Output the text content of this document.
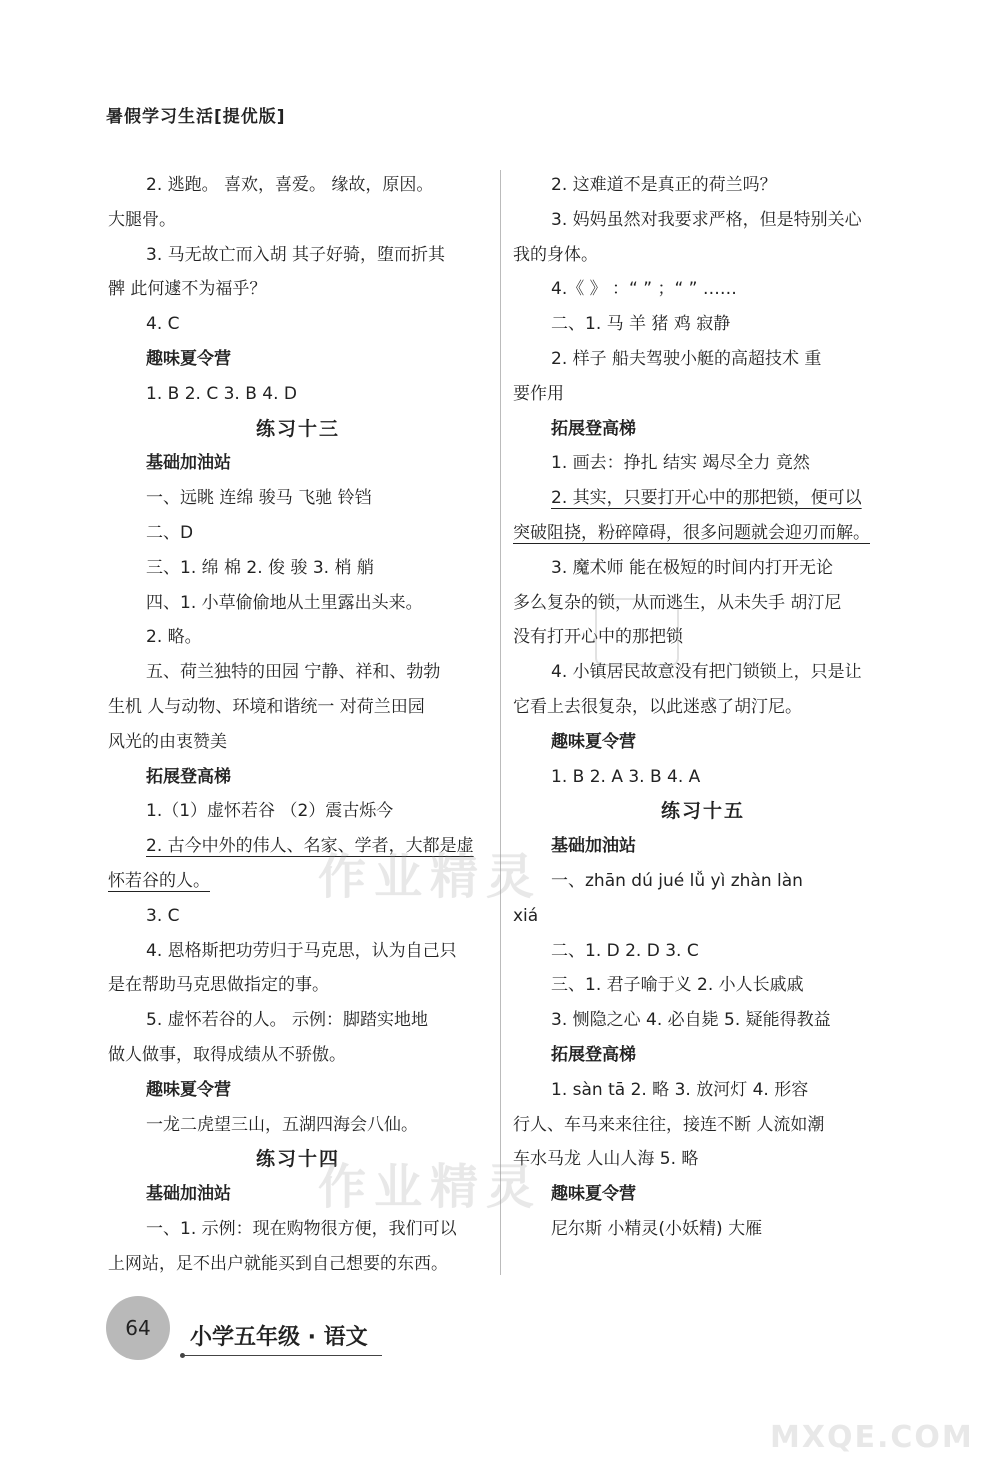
暑假学习生活[提优版]
2. 逃跑。 喜欢，喜爱。 缘故，原因。
大腿骨。
3. 马无故亡而入胡 其子好骑，堕而折其
髀 此何遽不为福乎？
4. C
趣味夏令营
1. B 2. C 3. B 4. D
练习十三
基础加油站
一、远眺 连绵 骏马 飞驰 铃铛
二、D
三、1. 绵 棉 2. 俊 骏 3. 梢 艄
四、1. 小草偷偷地从土里露出头来。
2. 略。
五、荷兰独特的田园 宁静、祥和、勃勃
生机 人与动物、环境和谐统一 对荷兰田园
风光的由衷赞美
拓展登高梯
1.（1）虚怀若谷 （2）震古烁今
2. 古今中外的伟人、名家、学者，大都是虚
怀若谷的人。
3. C
4. 恩格斯把功劳归于马克思，认为自己只
是在帮助马克思做指定的事。
5. 虚怀若谷的人。 示例：脚踏实地地
做人做事，取得成绩从不骄傲。
趣味夏令营
一龙二虎望三山，五湖四海会八仙。
练习十四
基础加油站
一、1. 示例：现在购物很方便，我们可以
上网站，足不出户就能买到自己想要的东西。
2. 这难道不是真正的荷兰吗？
3. 妈妈虽然对我要求严格，但是特别关心
我的身体。
4.《 》 ：“ ” ；“ ” ……
二、1. 马 羊 猪 鸡 寂静
2. 样子 船夫驾驶小艇的高超技术 重
要作用
拓展登高梯
1. 画去：挣扎 结实 竭尽全力 竟然
2. 其实，只要打开心中的那把锁，便可以
突破阻挠，粉碎障碍，很多问题就会迎刃而解。
3. 魔术师 能在极短的时间内打开无论
多么复杂的锁，从而逃生，从未失手 胡汀尼
没有打开心中的那把锁
4. 小镇居民故意没有把门锁锁上，只是让
它看上去很复杂，以此迷惑了胡汀尼。
趣味夏令营
1. B 2. A 3. B 4. A
练习十五
基础加油站
一、zhān dú jué lǚ yì zhàn làn
xiá
二、1. D 2. D 3. C
三、1. 君子喻于义 2. 小人长戚戚
3. 恻隐之心 4. 必自毙 5. 疑能得教益
拓展登高梯
1. sàn tā 2. 略 3. 放河灯 4. 形容
行人、车马来来往往，接连不断 人流如潮
车水马龙 人山人海 5. 略
趣味夏令营
尼尔斯 小精灵(小妖精) 大雁
作业精灵
作业精灵
MXQE.COM
64 小学五年级 · 语文
